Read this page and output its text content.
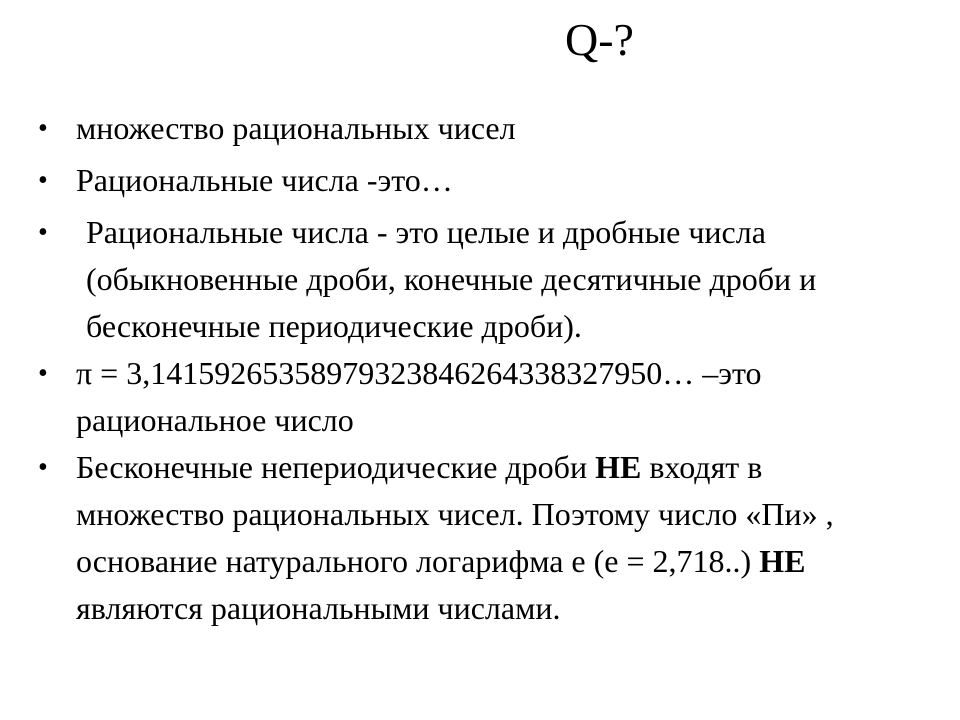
Q-?
• множество рациональных чисел
• Рациональные числа -это…
• Рациональные числа - это целые и дробные числа (обыкновенные дроби, конечные десятичные дроби и бесконечные периодические дроби).
• π = 3,14159265358979323846264338327950… –это рациональное число
• Бесконечные непериодические дроби НЕ входят в множество рациональных чисел. Поэтому число «Пи» , основание натурального логарифма е (е = 2,718..) НЕ являются рациональными числами.
